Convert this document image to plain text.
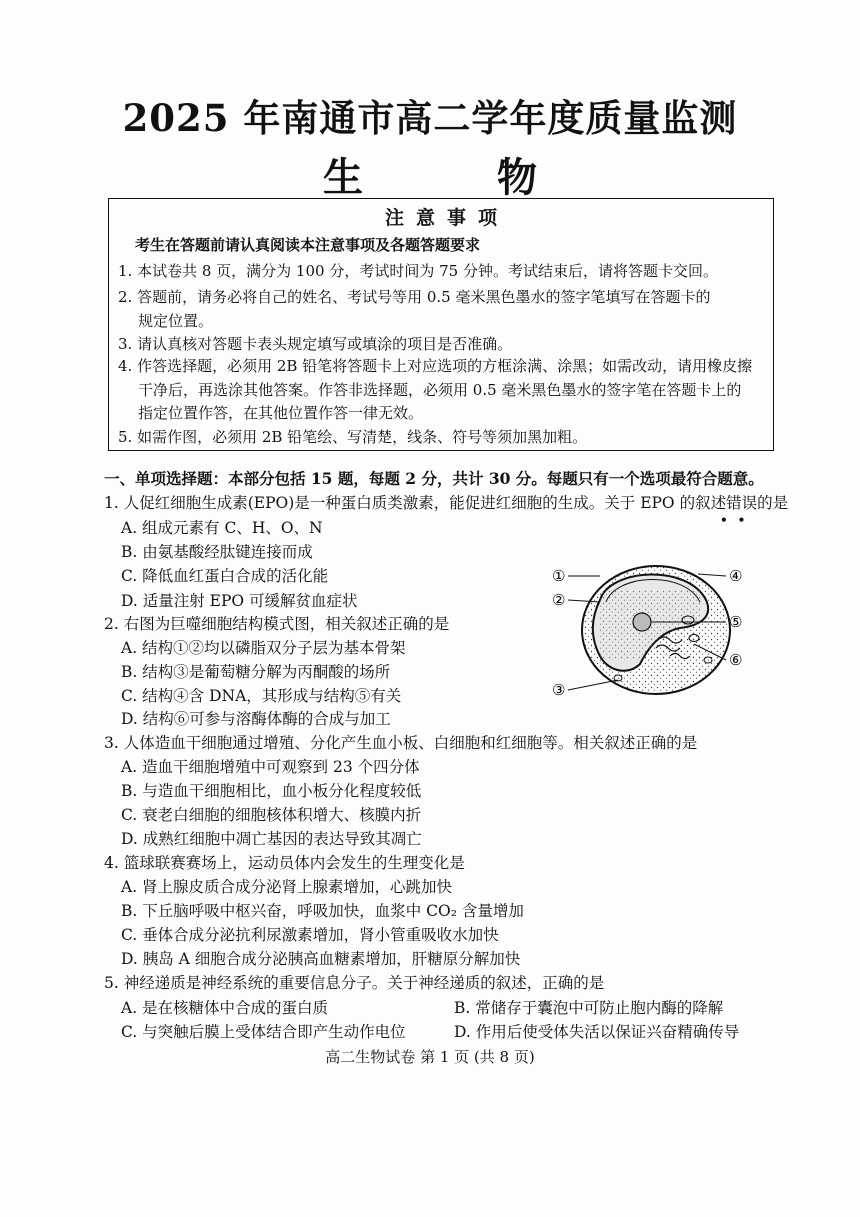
2025 年南通市高二学年度质量监测
生 物
注意事项
考生在答题前请认真阅读本注意事项及各题答题要求
1. 本试卷共 8 页，满分为 100 分，考试时间为 75 分钟。考试结束后，请将答题卡交回。
2. 答题前，请务必将自己的姓名、考试号等用 0.5 毫米黑色墨水的签字笔填写在答题卡的
规定位置。
3. 请认真核对答题卡表头规定填写或填涂的项目是否准确。
4. 作答选择题，必须用 2B 铅笔将答题卡上对应选项的方框涂满、涂黑；如需改动，请用橡皮擦
干净后，再选涂其他答案。作答非选择题，必须用 0.5 毫米黑色墨水的签字笔在答题卡上的
指定位置作答，在其他位置作答一律无效。
5. 如需作图，必须用 2B 铅笔绘、写清楚，线条、符号等须加黑加粗。
一、单项选择题：本部分包括 15 题，每题 2 分，共计 30 分。每题只有一个选项最符合题意。
1. 人促红细胞生成素(EPO)是一种蛋白质类激素，能促进红细胞的生成。关于 EPO 的叙述错误的是
••
A. 组成元素有 C、H、O、N
B. 由氨基酸经肽键连接而成
C. 降低血红蛋白合成的活化能
D. 适量注射 EPO 可缓解贫血症状
2. 右图为巨噬细胞结构模式图，相关叙述正确的是
A. 结构①②均以磷脂双分子层为基本骨架
B. 结构③是葡萄糖分解为丙酮酸的场所
C. 结构④含 DNA，其形成与结构⑤有关
D. 结构⑥可参与溶酶体酶的合成与加工
3. 人体造血干细胞通过增殖、分化产生血小板、白细胞和红细胞等。相关叙述正确的是
A. 造血干细胞增殖中可观察到 23 个四分体
B. 与造血干细胞相比，血小板分化程度较低
C. 衰老白细胞的细胞核体积增大、核膜内折
D. 成熟红细胞中凋亡基因的表达导致其凋亡
4. 篮球联赛赛场上，运动员体内会发生的生理变化是
A. 肾上腺皮质合成分泌肾上腺素增加，心跳加快
B. 下丘脑呼吸中枢兴奋，呼吸加快，血浆中 CO₂ 含量增加
C. 垂体合成分泌抗利尿激素增加，肾小管重吸收水加快
D. 胰岛 A 细胞合成分泌胰高血糖素增加，肝糖原分解加快
5. 神经递质是神经系统的重要信息分子。关于神经递质的叙述，正确的是
A. 是在核糖体中合成的蛋白质	B. 常储存于囊泡中可防止胞内酶的降解
C. 与突触后膜上受体结合即产生动作电位	D. 作用后使受体失活以保证兴奋精确传导
①
②
③
④
⑤
⑥
高二生物试卷 第 1 页 (共 8 页)
